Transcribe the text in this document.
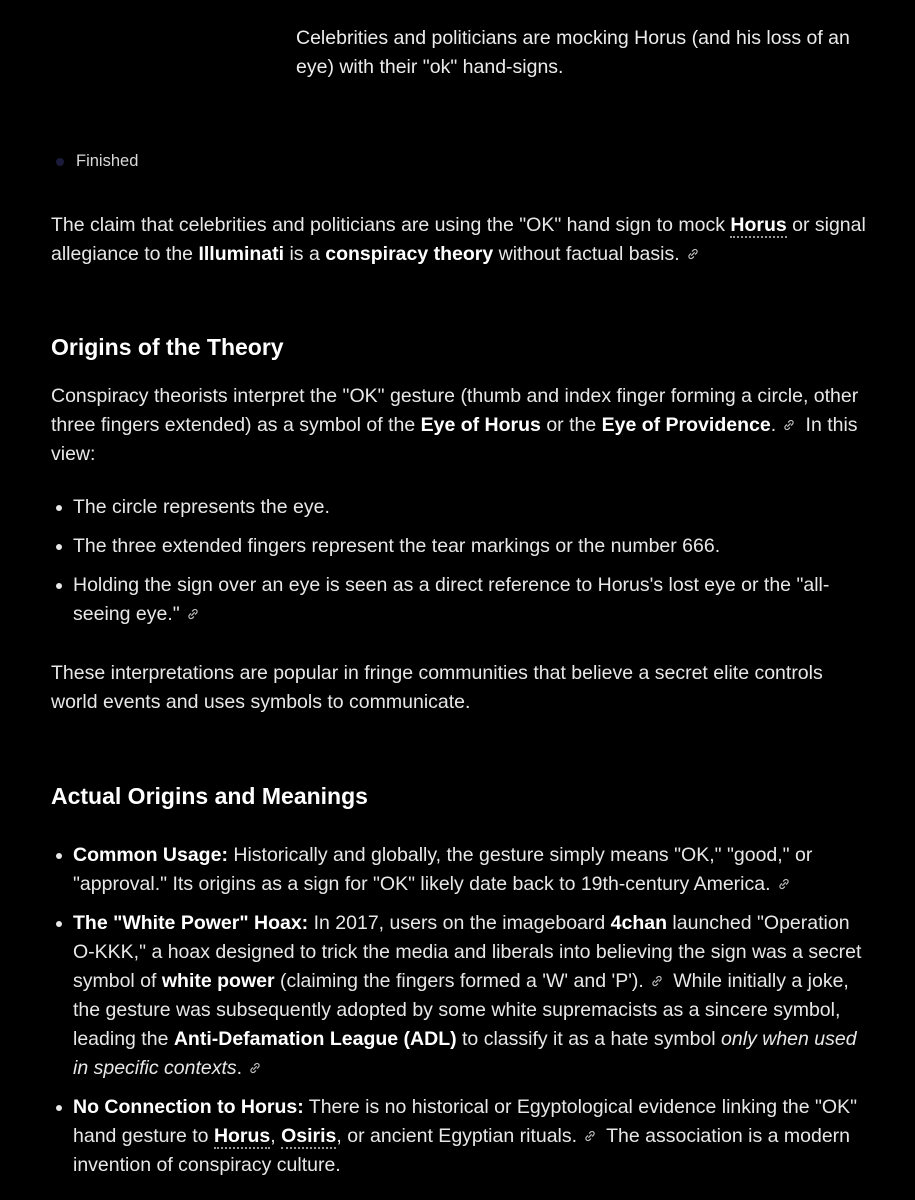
Celebrities and politicians are mocking Horus (and his loss of an eye) with their "ok" hand-signs.
Finished

The claim that celebrities and politicians are using the "OK" hand sign to mock Horus or signal allegiance to the Illuminati is a conspiracy theory without factual basis.

Origins of the Theory

Conspiracy theorists interpret the "OK" gesture (thumb and index finger forming a circle, other three fingers extended) as a symbol of the Eye of Horus or the Eye of Providence.
In this view:

The circle represents the eye.
The three extended fingers represent the tear markings or the number 666.
Holding the sign over an eye is seen as a direct reference to Horus's lost eye or the "all-seeing eye."

These interpretations are popular in fringe communities that believe a secret elite controls world events and uses symbols to communicate.

Actual Origins and Meanings
Common Usage: Historically and globally, the gesture simply means "OK," "good," or "approval." Its origins as a sign for "OK" likely date back to 19th-century America.
The "White Power" Hoax: In 2017, users on the imageboard 4chan launched "Operation O-KKK," a hoax designed to trick the media and liberals into believing the sign was a secret symbol of white power (claiming the fingers formed a 'W' and 'P').
While initially a joke, the gesture was subsequently adopted by some white supremacists as a sincere symbol, leading the Anti-Defamation League (ADL) to classify it as a hate symbol only when used in specific contexts.
No Connection to Horus: There is no historical or Egyptological evidence linking the "OK" hand gesture to Horus, Osiris, or ancient Egyptian rituals.
The association is a modern invention of conspiracy culture.
